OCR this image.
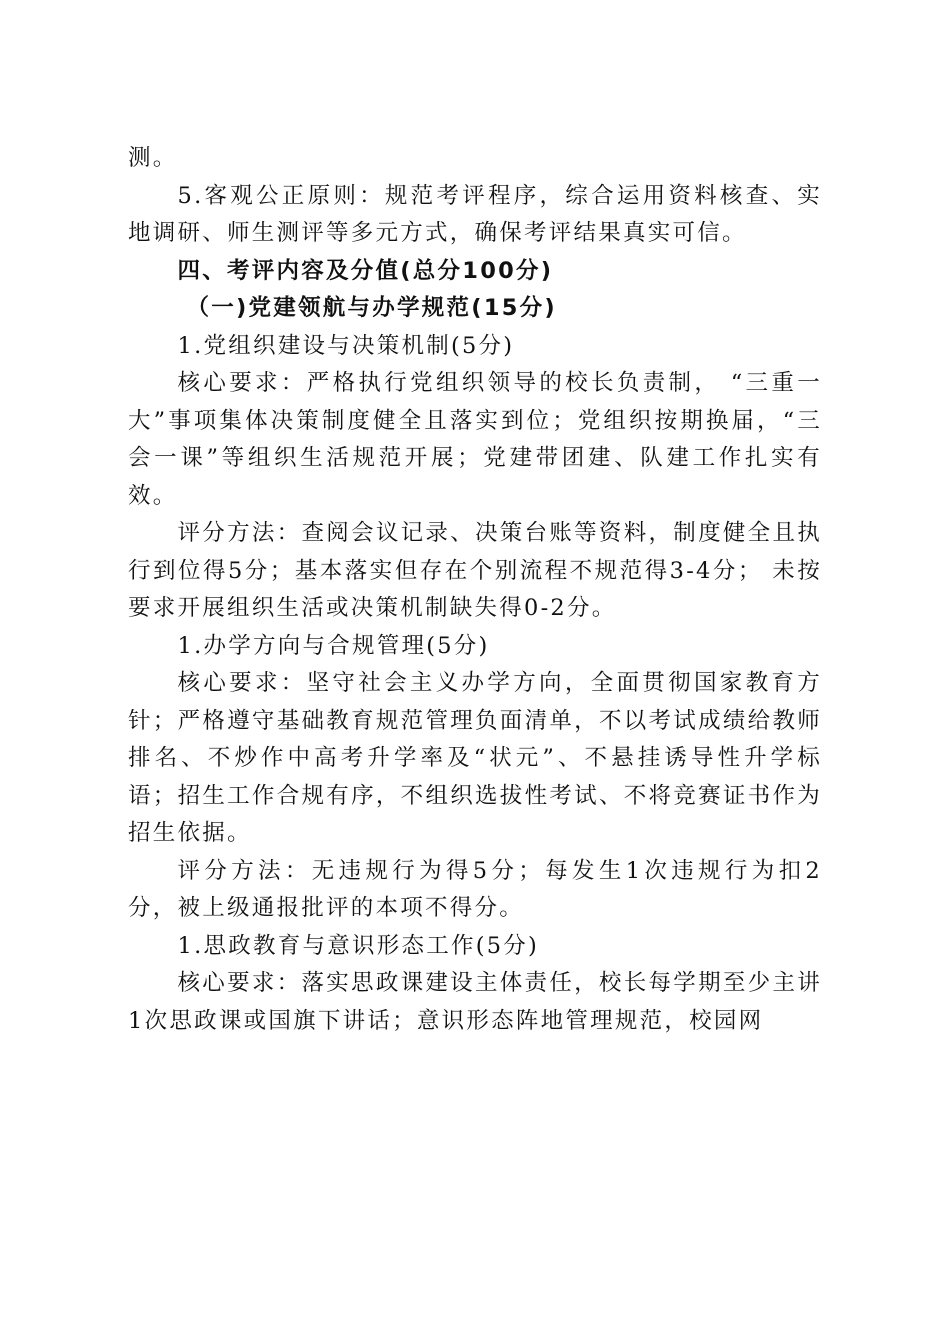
测。

5.客观公正原则：规范考评程序，综合运用资料核查、实地调研、师生测评等多元方式，确保考评结果真实可信。

四、考评内容及分值(总分100分)

（一)党建领航与办学规范(15分)

1.党组织建设与决策机制(5分)

核心要求：严格执行党组织领导的校长负责制， “三重一大”事项集体决策制度健全且落实到位；党组织按期换届，“三会一课”等组织生活规范开展；党建带团建、队建工作扎实有效。

评分方法：查阅会议记录、决策台账等资料，制度健全且执行到位得5分；基本落实但存在个别流程不规范得3-4分； 未按要求开展组织生活或决策机制缺失得0-2分。

1.办学方向与合规管理(5分)

核心要求：坚守社会主义办学方向，全面贯彻国家教育方针；严格遵守基础教育规范管理负面清单，不以考试成绩给教师排名、不炒作中高考升学率及“状元”、不悬挂诱导性升学标语；招生工作合规有序，不组织选拔性考试、不将竞赛证书作为招生依据。

评分方法：无违规行为得5分；每发生1次违规行为扣2 分，被上级通报批评的本项不得分。

1.思政教育与意识形态工作(5分)

核心要求：落实思政课建设主体责任，校长每学期至少主讲1次思政课或国旗下讲话；意识形态阵地管理规范，校园网
